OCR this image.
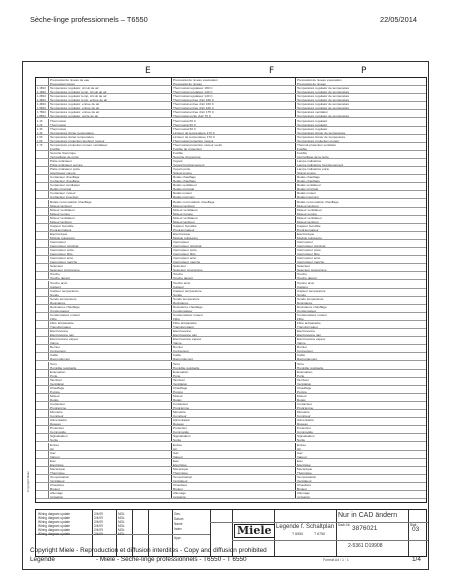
Sèche-linge professionnels – T6550	22/05/2014
E	F	P
Pressostat de niveau de eau	Pressostat de niveau evacuation	Pressostat de niveau evacuation
Pressostat niveau	Pressostat de niveau	Pressostat de niveau
1.1B1C	Temperature regulator, circuit de air	Thermostat regulateur 180 C	Temperature regulator de temperature
1.1B2C	Temperature regulator temp, circuit de air	Thermostat regulateur 140 C	Temperature regulator de temperature
1.2B1C	Temperature regulator temp, circuit de air	Thermostat regulateur 140 C	Temperature regulator de temperature
1.3B1C	Temperature regulator temp, entree de air	Thermostat entree d'air 160 C	Temperature regulator de temperature
1.4B1C	Temperature regulator, entree de air	Thermostat entree d'air 160 C	Temperature regulator de temperature
1.5B1C	Temperature regulator, entree de air	Thermostat entree d'air 160 C	Temperature regulator de temperature
1.7B1C	Temperature regulator, entree de air	Thermostat entree d'air 175 C	Temperature ventilator
1.8B1C	Temperature regulator, sortie de air	Thermostat sortie d'air 70 C	Temperature regulator de temperature
1.1F	Thermostat	Thermostat 60 C	Temperature regulator
1.2F	Thermostat	Thermostat 60 C	Temperature regulator
1.3F	Thermostat	Thermostat 60 C	Temperature regulator
1.4F	Temperature limiter temperature	Limiteur de temperature 170 C	Temperature limiter de temperature
1.5F	Temperature limiter temperature	Limiteur de temperature 170 C	Temperature limiter de temperature
1.6F	Temperature protection tambour moteur	Thermostat protection moteur	Temperature protection moteur
1.7F	Temperature protection moteur ventilateur	Thermostat protection moteur ventil.	Thermal protection ventilator
Fusible	Fusible de protection	Fusible
Securite thermique	Fusible	Fusible
Verrouillage de porte	Securite d'ouverture	Verrouillage de la porte
Pilote indicateur	Voyant	Lampe indicatrice
Pilote indicateur service	Voyant fonctionnement	Lampe indicatrice fonctionnement
Pilote indicateur porte	Voyant porte	Lampe indicatrice porte
Avertisseur sonore	Signal sonore	Signal sonore
Contacteur chauffage	Relais chauffage	Relais chauffage
Contacteur chauffage	Relais chauffage	Relais chauffage
Contacteur ventilateur	Relais ventilateur	Relais ventilateur
Relais principal	Relais principal	Relais principal
Contacteur moteur	Relais moteur	Relais moteur
Contacteur inversion	Relais inversion	Relais inversion
Relais commutation chauffage	Relais commutation chauffage	Relais commutation chauffage
Moteur tambour	Moteur tambour	Moteur tambour
Moteur ventilateur	Moteur ventilateur	Moteur ventilateur
Moteur pompe	Moteur pompe	Moteur pompe
Moteur ventilateur	Moteur ventilateur	Moteur ventilateur
Moteur tambour	Moteur tambour	Moteur tambour
Capteur humidite	Capteur humidite	Capteur humidite
Programmateur	Programmateur	Programmateur
Electronique	Electronique	Electronique
Module puissance	Module puissance	Module puissance
Interrupteur	Interrupteur	Interrupteur
Interrupteur principal	Interrupteur principal	Interrupteur principal
Interrupteur porte	Interrupteur porte	Interrupteur porte
Interrupteur filtre	Interrupteur filtre	Interrupteur filtre
Interrupteur arret	Interrupteur arret	Interrupteur arret
Interrupteur marche	Interrupteur marche	Interrupteur marche
Selecteur	Selecteur	Selecteur
Selecteur programme	Selecteur programme	Selecteur programme
Touche	Touche	Touche
Touche depart	Touche depart	Touche depart
Touche arret	Touche arret	Touche arret
Capteur	Capteur	Capteur
Capteur temperature	Capteur temperature	Capteur temperature
Sonde	Sonde	Sonde
Sonde temperature	Sonde temperature	Sonde temperature
Resistance	Resistance	Resistance
Resistance chauffage	Resistance chauffage	Resistance chauffage
Condensateur	Condensateur	Condensateur
Condensateur moteur	Condensateur moteur	Condensateur moteur
Filtre	Filtre	Filtre
Filtre antiparasite	Filtre antiparasite	Filtre antiparasite
Transformateur	Transformateur	Transformateur
Electrovanne	Electrovanne	Electrovanne
Electrovanne gaz	Electrovanne gaz	Electrovanne gaz
Electrovanne vapeur	Electrovanne vapeur	Electrovanne vapeur
Vanne	Vanne	Vanne
Bornier	Bornier	Bornier
Connecteur	Connecteur	Connecteur
Cable	Cable	Cable
Raccordement	Raccordement	Raccordement
Terre	Terre	Terre
Humidite residuelle	Humidite residuelle	Humidite residuelle
Evacuation	Evacuation	Evacuation
Porte	Porte	Porte
Tambour	Tambour	Tambour
Ventilation	Ventilation	Ventilation
Chauffage	Chauffage	Chauffage
Pompe	Pompe	Pompe
Moteur	Moteur	Moteur
Relais	Relais	Relais
Contacteur	Contacteur	Contacteur
Programme	Programme	Programme
Minuterie	Minuterie	Minuterie
Compteur	Compteur	Compteur
Alimentation	Alimentation	Alimentation
Reseau	Reseau	Reseau
Protection	Protection	Protection
Commande	Commande	Commande
Signalisation	Signalisation	Signalisation
Sortie	Sortie	Sortie
Entree	Entree	Entree
Air	Air	Air
Gaz	Gaz	Gaz
Vapeur	Vapeur	Vapeur
Eau	Eau	Eau
Electrique	Electrique	Electrique
Mecanique	Mecanique	Mecanique
Thermique	Thermique	Thermique
Temporisation	Temporisation	Temporisation
Ventilateur	Ventilateur	Ventilateur
Chaudiere	Chaudiere	Chaudiere
Bruleur	Bruleur	Bruleur
Allumage	Allumage	Allumage
Ionisation	Ionisation	Ionisation
Copyright Miele
Miele Legende f. Schaltplan
T 6550	T 6750
Nur in CAD ändern
Sach-Nr. 3876021	Blatt
03
2-5361 D19908
Appr.
Ges.
Datum
Name
Index
Wiring diagram update	2/4/09	MGL
Wiring diagram update	2/4/09	MGL
Wiring diagram update	2/4/09	MGL
Wiring diagram update	2/4/09	MGL
Wiring diagram update	2/4/09	MGL
Wiring diagram update	2/4/09	MGL
Format A4 / 1 : 1
Copyright Miele - Reproduction et diffusion interdites - Copy and diffusion prohibited
Legende	- Miele - Sèche-linge professionnels - T6550 - T 6550	1/4
